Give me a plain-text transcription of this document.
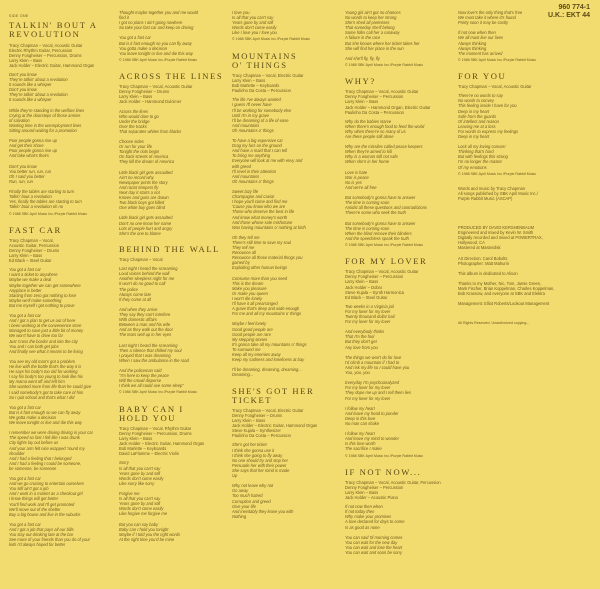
960 774-1
U.K.: EKT 44
SIDE ONE
TALKIN' BOUT A
REVOLUTION
Tracy Chapman – Vocal, Acoustic Guitar
Electric Rhythm Guitar, Percussion
Denny Fongheiser – Percussion, Drums
Larry Klein – Bass
Jack Holder – Electric Guitar, Hammond Organ
Don't you know
They're talkin' about a revolution
It sounds like a whisper
Don't you know
They're talkin' about a revolution
It sounds like a whisper

While they're standing in the welfare lines
Crying at the doorsteps of those armies
of salvation
Wasting time in the unemployment lines
Sitting around waiting for a promotion

Poor people gonna rise up
And get their share
Poor people gonna rise up
And take what's theirs

Don't you know
You better run, run, run
Oh I said you better
Run, run, run

Finally the tables are starting to turn
Talkin' bout a revolution
Yes, finally the tables are starting to turn
Talkin' bout a revolution oh no
© 1988 SBK April Music Inc./Purple Rabbit Music
FAST CAR
Tracy Chapman – Vocal,
Acoustic Guitar, Percussion
Denny Fongheiser – Drums
Larry Klein – Bass
Ed Black – Steel Guitar
You got a fast car
I want a ticket to anywhere
Maybe we make a deal
Maybe together we can get somewhere
Anyplace is better
Starting from zero got nothing to lose
Maybe we'll make something
But me myself I got nothing to prove

You got a fast car
And I got a plan to get us out of here
I been working at the convenience store
Managed to save just a little bit of money
We won't have to drive too far
Just 'cross the border and into the city
You and I can both get jobs
And finally see what it means to be living

You see my old man's got a problem
He live with the bottle that's the way it is
He says his body's too old for working
I say his body's too young to look like his
My mama went off and left him
She wanted more from life than he could give
I said somebody's got to take care of him
So I quit school and that's what I did

You got a fast car
But is it fast enough so we can fly away
We gotta make a decision
We leave tonight or live and die this way

I remember we were driving driving in your car
The speed so fast I felt like I was drunk
City lights lay out before us
And your arm felt nice wrapped 'round my
shoulder
And I had a feeling that I belonged
And I had a feeling I could be someone,
be someone, be someone

You got a fast car
And we go cruising to entertain ourselves
You still ain't got a job
And I work in a market as a checkout girl
I know things will get better
You'll find work and I'll get promoted
We'll move out of the shelter
Buy a big house and live in the suburbs

You got a fast car
And I got a job that pays all our bills
You stay out drinking late at the bar
See more of your friends than you do of your
kids I'd always hoped for better
Thought maybe together you and me would
find it
I got no plans I ain't going nowhere
So take your fast car and keep on driving

You got a fast car
But is it fast enough so you can fly away
You gotta make a decision
You leave tonight or live and die this way
© 1988 SBK April Music Inc./Purple Rabbit Music
ACROSS THE LINES
Tracy Chapman – Vocal, Acoustic Guitar
Denny Fongheiser – Drums
Larry Klein – Bass
Jack Holder – Hammond Dulcimer
Across the lines
Who would dare to go
Under the bridge
Over the tracks
That separates whites from blacks

Choose sides
Or run for your life
Tonight the riots begin
On back streets of America
They kill the dream of America

Little black girl gets assaulted
Ain't no record why
Newspaper prints the story
And racist tempers fly
Next day it starts a riot
Knives and guns are drawn
Two black boys got killed
One white boy goes blind

Little black girl gets assaulted
Don't no one know her name
Lots of people hurt and angry
She's the one to blame
BEHIND THE WALL
Tracy Chapman – Vocal
Last night I heard the screaming
Loud voices behind the wall
Another sleepless night for me
It won't do no good to call
The police
Always come late
If they come at all

And when they arrive
They say they can't interfere
With domestic affairs
Between a man and his wife
And as they walk out the door
The tears well up in her eyes

Last night I heard the screaming
Then a silence that chilled my soul
I prayed that I was dreaming
When I saw the ambulance in the road

And the policeman said
"I'm here to keep the peace
Will the crowd disperse
I think we all could use some sleep"
© 1988 SBK April Music Inc./Purple Rabbit Music
BABY CAN I
HOLD YOU
Tracy Chapman – Vocal, Rhythm Guitar
Denny Fongheiser – Percussion, Drums
Larry Klein – Bass
Jack Holder – Electric Guitar, Hammond Organ
Bob Marlette – Keyboards
David LaFlamme – Electric Violin
Sorry
Is all that you can't say
Years gone by and still
Words don't come easily
Like sorry like sorry

Forgive me
Is all that you can't say
Years gone by and still
Words don't come easily
Like forgive me forgive me

But you can say baby
Baby can I hold you tonight
Maybe if I told you the right words
At the right time you'd be mine
I love you
Is all that you can't say
Years gone by and still
Words don't come easily
Like I love you I love you
© 1988 SBK April Music Inc./Purple Rabbit Music
MOUNTAINS
O' THINGS
Tracy Chapman – Vocal, Electric Guitar
Larry Klein – Bass
Bob Marlette – Keyboards
Paulinho Da Costa – Percussion
The life I've always wanted
I guess I'll never have
I'll be working for somebody else
Until I'm in my grave
I'll be dreaming of a life of ease
And mountains
Oh mountains o' things

To have a big expensive car
Drag my furs on the ground
And have a maid that I can tell
To bring me anything
Everyone will look at me with envy and
with greed
I'll revel in their attention
And mountains
Oh mountains o' things

Sweet lazy life
Champagne and caviar
I hope you'll come and find me
'Cause you know who we are
Those who deserve the best in life
And know what money's worth
And those whose sole misfortune
Was having mountains o' nothing at birth

Oh they tell me
There's still time to save my soul
They tell me
Renounce all
Renounce all those material things you
gained by
Exploiting other human beings

Consume more than you need
This is the dream
Make you pleasure
Or make you queen
I won't die lonely
I'll have it all prearranged
A grave that's deep and wide enough
For me and all my mountains o' things

Maybe I feel lonely
Good good people are
Good people are rare
My stepping stones
It's gonna take all my mountains o' things
To surround me
Keep all my enemies away
Keep my sadness and loneliness at bay

I'll be dreaming, dreaming, dreaming...
Dreaming...
SHE'S GOT HER
TICKET
Tracy Chapman – Vocal, Electric Guitar
Denny Fongheiser – Drums
Larry Klein – Bass
Jack Holder – Electric Guitar, Hammond Organ
Steve Kujala – Synthesizer
Paulinho Da Costa – Percussion
She's got her ticket
I think she gonna use it
I think she going to fly away
No one should try and stop her
Persuade her with their power
She says that her mind is made
Up

Why not leave why not
Go away
Too much hatred
Corruption and greed
Give your life
And inevitably they leave you with
Nothing
Young girl ain't got no chances
No words to keep her strong
She's shed all pretenses
That someday she'll belong
Some folks call her a runaway
A failure in the race
But she knows where her ticket takes her
She will find her place in the sun

And she'll fly, fly, fly
© 1988 SBK April Music Inc./Purple Rabbit Music
WHY?
Tracy Chapman – Vocal, Acoustic Guitar
Denny Fongheiser – Percussion
Larry Klein – Bass
Jack Holder – Hammond Organ, Electric Guitar
Paulinho Da Costa – Percussion
Why do the babies starve
When there's enough food to feed the world
Why when there're so many of us
Are there people still alone

Why are the missiles called peace keepers
When they're aimed to kill
Why is a woman still not safe
When she's in her home

Love is hate
War is peace
No is yes
And we're all free

But somebody's gonna have to answer
The time is coming soon
Amidst all these questions and contradictions
There're some who seek the truth

But somebody's gonna have to answer
The time is coming soon
When the blind remove their blinders
And the speechless speak the truth
© 1988 SBK April Music Inc./Purple Rabbit Music
FOR MY LOVER
Tracy Chapman – Vocal, Acoustic Guitar
Denny Fongheiser – Percussion
Larry Klein – Bass
Jack Holder – Dobro
Steve Kujala – Synth Harmonica
Ed Black – Steel Guitar
Two weeks in a Virginia jail
For my lover for my lover
Twenty thousand dollar bail
For my lover for my lover

And everybody thinks
That I'm the fool
But they don't get
Any love from you

The things we won't do for love
I'd climb a mountain if I had to
And risk my life so I could have you
You, you, you

Everyday I'm psychoanalyzed
For my lover for my lover
They dope me up and I tell them lies
For my lover for my lover

I follow my heart
And leave my head to ponder
Deep in this love
No man can shake

I follow my heart
And leave my mind to wonder
Is this love worth
The sacrifice I make
© 1988 SBK April Music Inc./Purple Rabbit Music
IF NOT NOW...
Tracy Chapman – Vocal, Acoustic Guitar, Percussion
Denny Fongheiser – Percussion
Larry Klein – Bass
Jack Holder – Acoustic Piano
If not now then when
If not today then
Why make your promises
A love declared for days to come
Is as good as none

You can said 'til morning comes
You can wait for the new day
You can wait and lose the heart
You can wait and soon be sorry
Now love's the only thing that's free
We must take it where it's found
Pretty soon it may be costly

If not now when then
We all must live our lives
Always thinking
Always thinking
The moment has arrived
© 1988 SBK April Music Inc./Purple Rabbit Music
FOR YOU
Tracy Chapman – Vocal, Acoustic Guitar
There're no words to say
No words to convey
This feeling inside I have for you
Deep in my heart
Safe from the guards
Of intellect and reason
Leaving me at a loss
For words to express my feelings
Deep in my heart

Lock all my loving convos!
Thinking that's hard
But with feelings this strong
I'm no longer the master
Of my emotions
© 1988 SBK April Music Inc./Purple Rabbit Music
Words and music by Tracy Chapman
All songs published by SBK April Music Inc./
Purple Rabbit Music (ASCAP)
PRODUCED BY DAVID KERSHENBAUM
Engineered and mixed by Kevin W. Smith
Digitally recorded and mixed at POWERTRAX,
Hollywood, CA
Mastered at Masterdisk

Art Direction: Carol Bobolts
Photographer: Matt Mahurin

This album is dedicated to Alison

Thanks to my Mother, Nic, Tom, Jamie Green,
Mark Fischer, Brian Koppelman, Charles Koppelman,
Bob Krasnow, and everyone at SBK and Elektra

Management: Elliot Roberts/Lookout Management
All Rights Reserved. Unauthorized copying...
